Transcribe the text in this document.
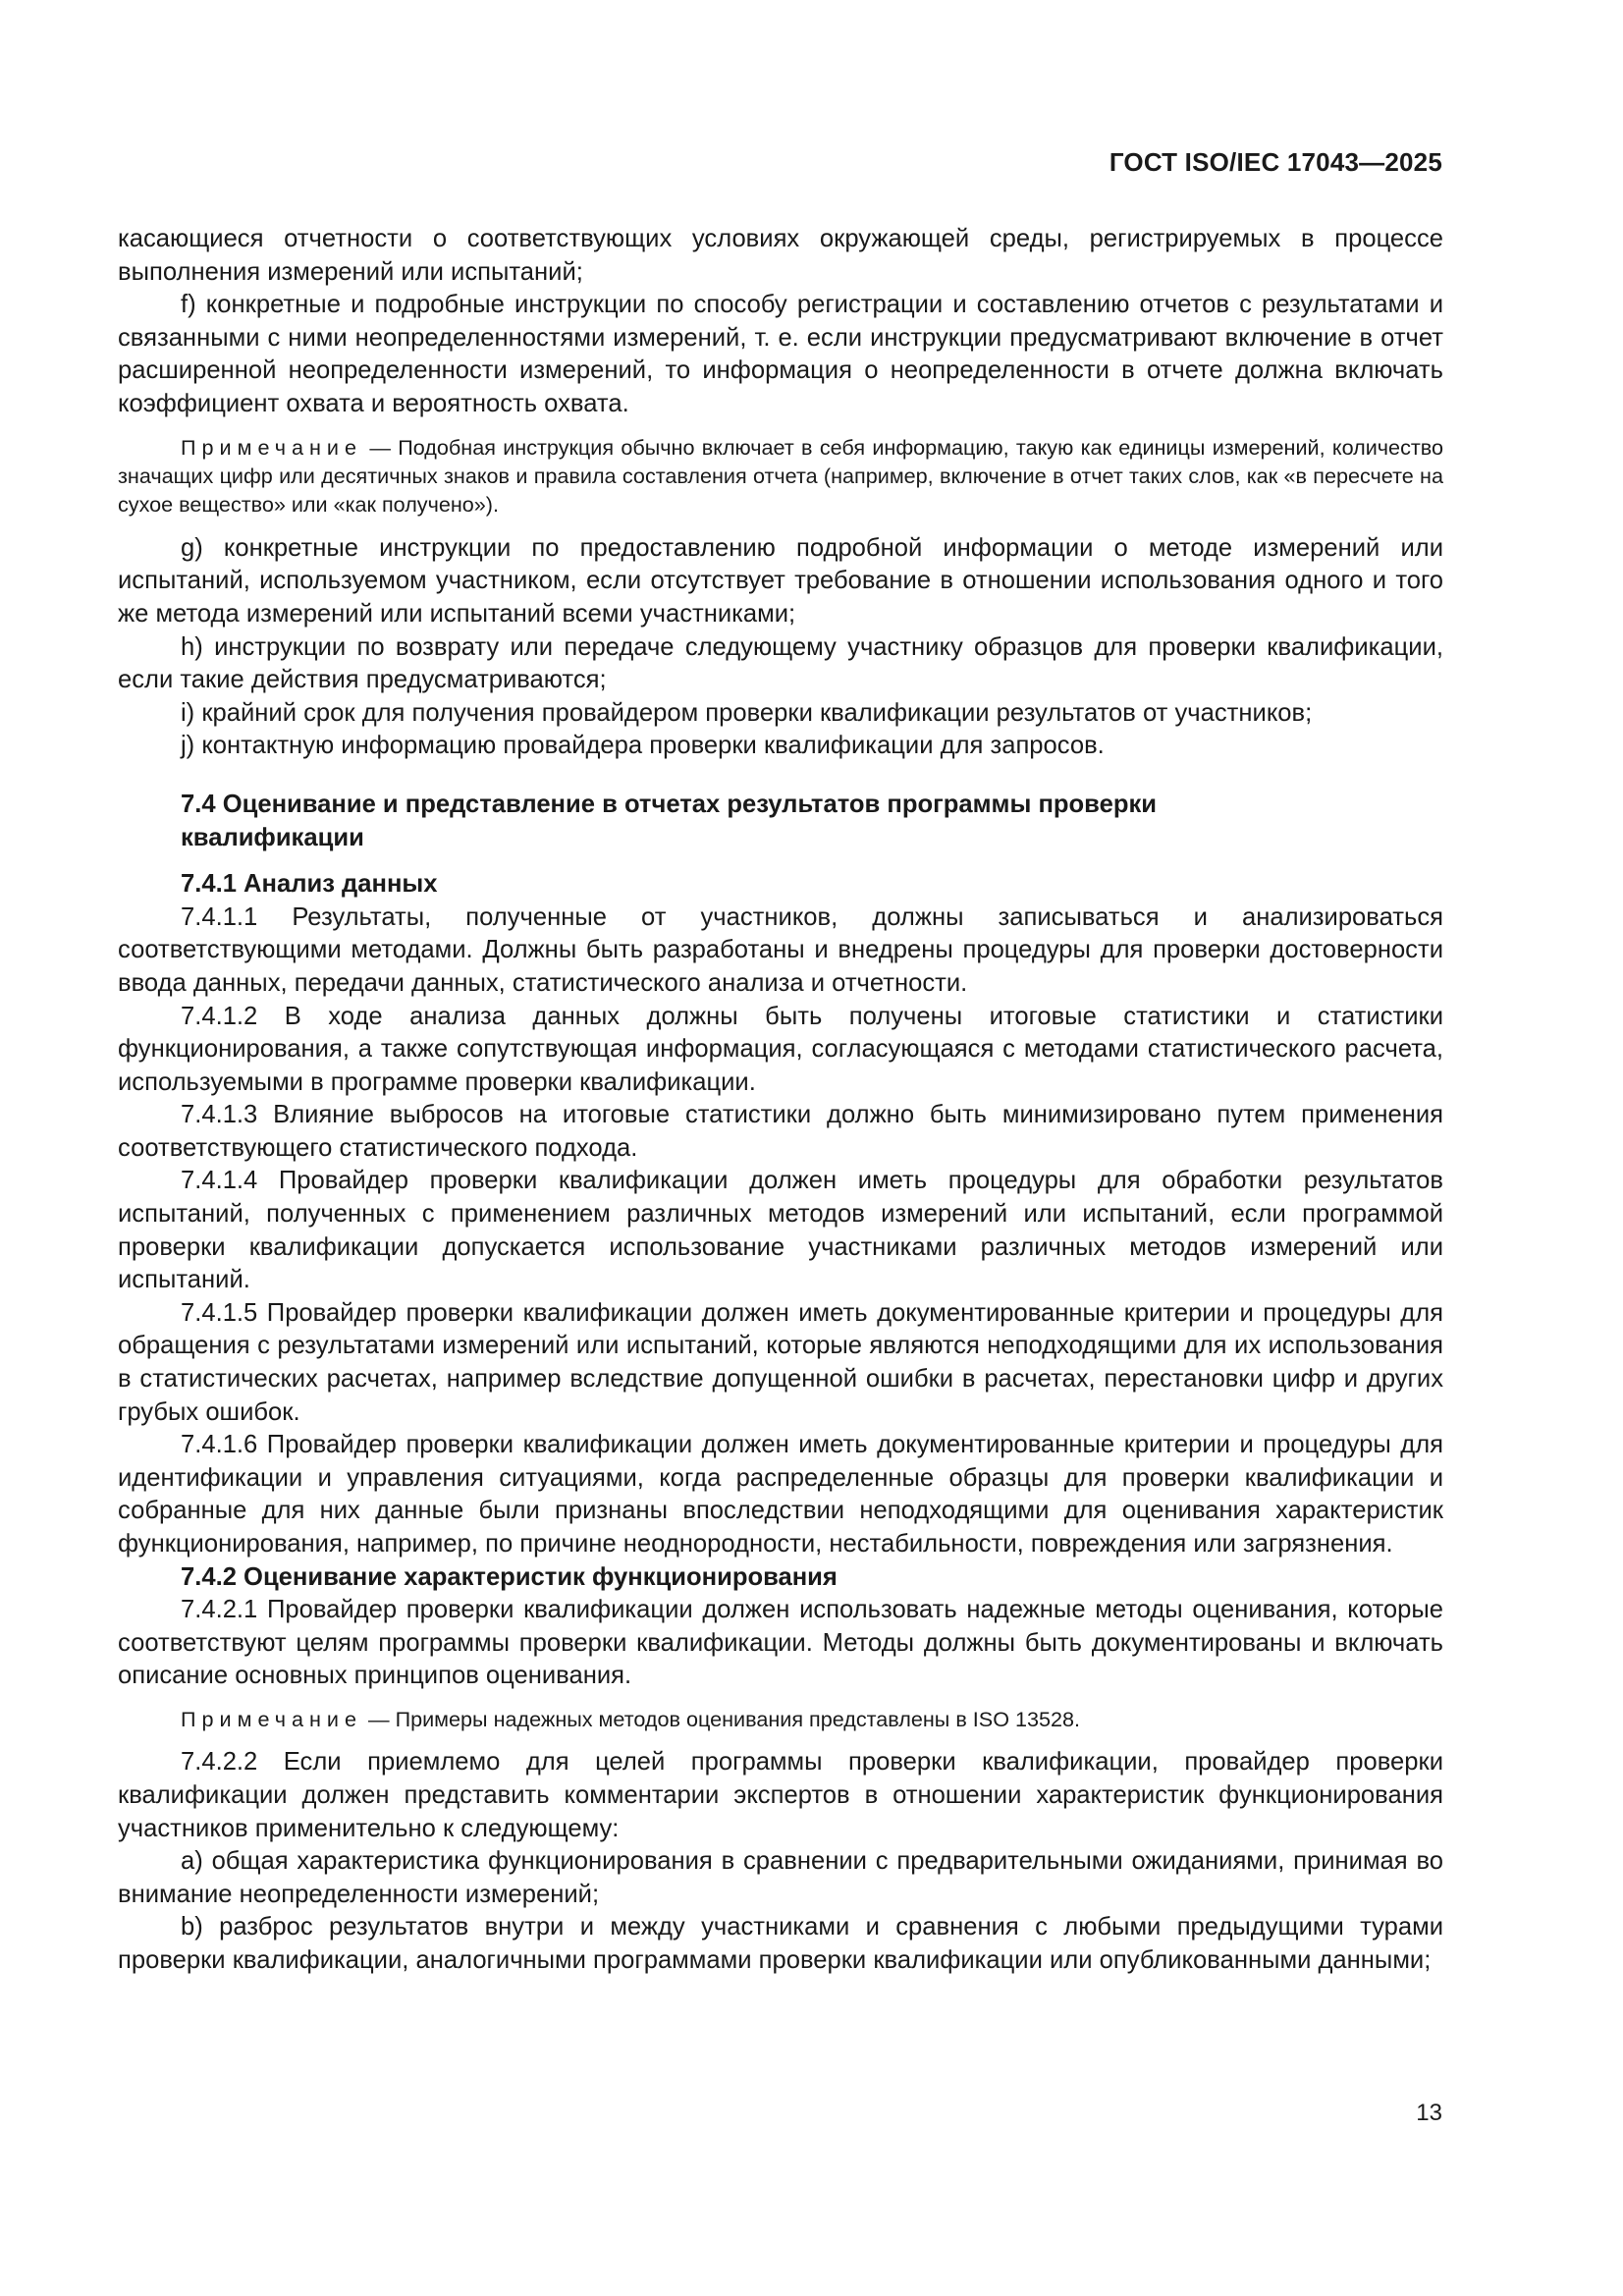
ГОСТ ISO/IEC 17043—2025

касающиеся отчетности о соответствующих условиях окружающей среды, регистрируемых в процессе выполнения измерений или испытаний;

f) конкретные и подробные инструкции по способу регистрации и составлению отчетов с результатами и связанными с ними неопределенностями измерений, т. е. если инструкции предусматривают включение в отчет расширенной неопределенности измерений, то информация о неопределенности в отчете должна включать коэффициент охвата и вероятность охвата.

Примечание — Подобная инструкция обычно включает в себя информацию, такую как единицы измерений, количество значащих цифр или десятичных знаков и правила составления отчета (например, включение в отчет таких слов, как «в пересчете на сухое вещество» или «как получено»).

g) конкретные инструкции по предоставлению подробной информации о методе измерений или испытаний, используемом участником, если отсутствует требование в отношении использования одного и того же метода измерений или испытаний всеми участниками;

h) инструкции по возврату или передаче следующему участнику образцов для проверки квалификации, если такие действия предусматриваются;

i) крайний срок для получения провайдером проверки квалификации результатов от участников;

j) контактную информацию провайдера проверки квалификации для запросов.

7.4 Оценивание и представление в отчетах результатов программы проверки квалификации

7.4.1 Анализ данных

7.4.1.1 Результаты, полученные от участников, должны записываться и анализироваться соответствующими методами. Должны быть разработаны и внедрены процедуры для проверки достоверности ввода данных, передачи данных, статистического анализа и отчетности.

7.4.1.2 В ходе анализа данных должны быть получены итоговые статистики и статистики функционирования, а также сопутствующая информация, согласующаяся с методами статистического расчета, используемыми в программе проверки квалификации.

7.4.1.3 Влияние выбросов на итоговые статистики должно быть минимизировано путем применения соответствующего статистического подхода.

7.4.1.4 Провайдер проверки квалификации должен иметь процедуры для обработки результатов испытаний, полученных с применением различных методов измерений или испытаний, если программой проверки квалификации допускается использование участниками различных методов измерений или испытаний.

7.4.1.5 Провайдер проверки квалификации должен иметь документированные критерии и процедуры для обращения с результатами измерений или испытаний, которые являются неподходящими для их использования в статистических расчетах, например вследствие допущенной ошибки в расчетах, перестановки цифр и других грубых ошибок.

7.4.1.6 Провайдер проверки квалификации должен иметь документированные критерии и процедуры для идентификации и управления ситуациями, когда распределенные образцы для проверки квалификации и собранные для них данные были признаны впоследствии неподходящими для оценивания характеристик функционирования, например, по причине неоднородности, нестабильности, повреждения или загрязнения.

7.4.2 Оценивание характеристик функционирования

7.4.2.1 Провайдер проверки квалификации должен использовать надежные методы оценивания, которые соответствуют целям программы проверки квалификации. Методы должны быть документированы и включать описание основных принципов оценивания.

Примечание — Примеры надежных методов оценивания представлены в ISO 13528.

7.4.2.2 Если приемлемо для целей программы проверки квалификации, провайдер проверки квалификации должен представить комментарии экспертов в отношении характеристик функционирования участников применительно к следующему:

a) общая характеристика функционирования в сравнении с предварительными ожиданиями, принимая во внимание неопределенности измерений;

b) разброс результатов внутри и между участниками и сравнения с любыми предыдущими турами проверки квалификации, аналогичными программами проверки квалификации или опубликованными данными;

13
